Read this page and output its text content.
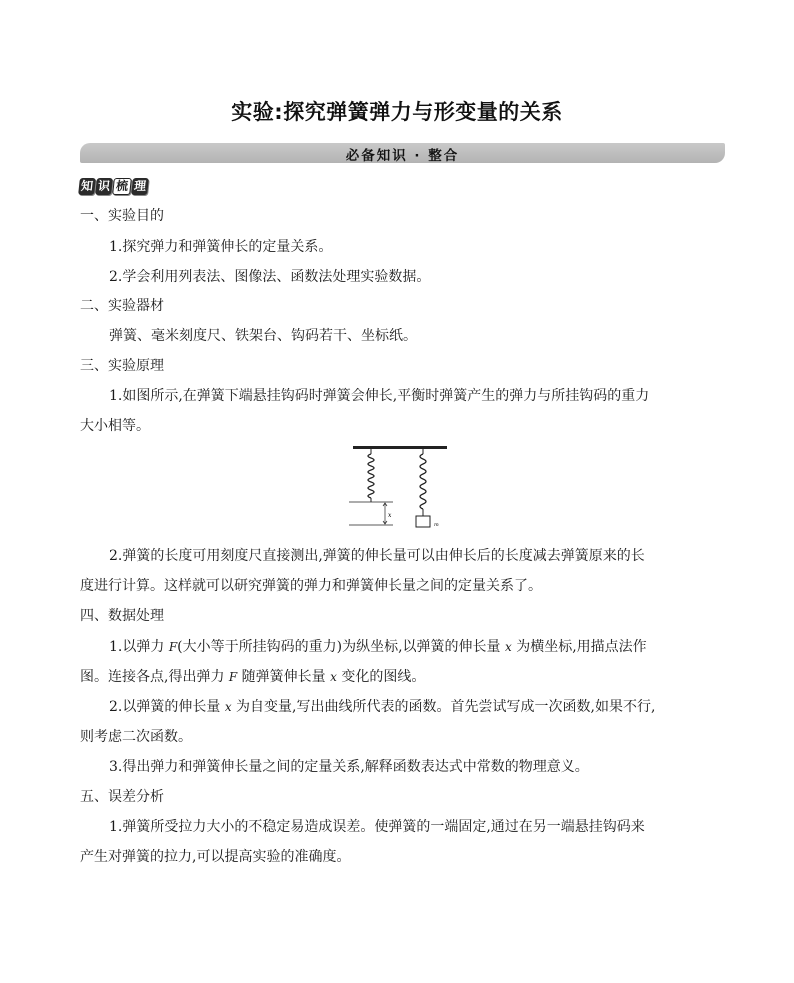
实验:探究弹簧弹力与形变量的关系
必备知识 · 整合
知 识 梳 理
一、实验目的
1.探究弹力和弹簧伸长的定量关系。
2.学会利用列表法、图像法、函数法处理实验数据。
二、实验器材
弹簧、毫米刻度尺、铁架台、钩码若干、坐标纸。
三、实验原理
1.如图所示,在弹簧下端悬挂钩码时弹簧会伸长,平衡时弹簧产生的弹力与所挂钩码的重力
大小相等。
x
m
2.弹簧的长度可用刻度尺直接测出,弹簧的伸长量可以由伸长后的长度减去弹簧原来的长
度进行计算。这样就可以研究弹簧的弹力和弹簧伸长量之间的定量关系了。
四、数据处理
1.以弹力 F(大小等于所挂钩码的重力)为纵坐标,以弹簧的伸长量 x 为横坐标,用描点法作
图。连接各点,得出弹力 F 随弹簧伸长量 x 变化的图线。
2.以弹簧的伸长量 x 为自变量,写出曲线所代表的函数。首先尝试写成一次函数,如果不行,
则考虑二次函数。
3.得出弹力和弹簧伸长量之间的定量关系,解释函数表达式中常数的物理意义。
五、误差分析
1.弹簧所受拉力大小的不稳定易造成误差。使弹簧的一端固定,通过在另一端悬挂钩码来
产生对弹簧的拉力,可以提高实验的准确度。
